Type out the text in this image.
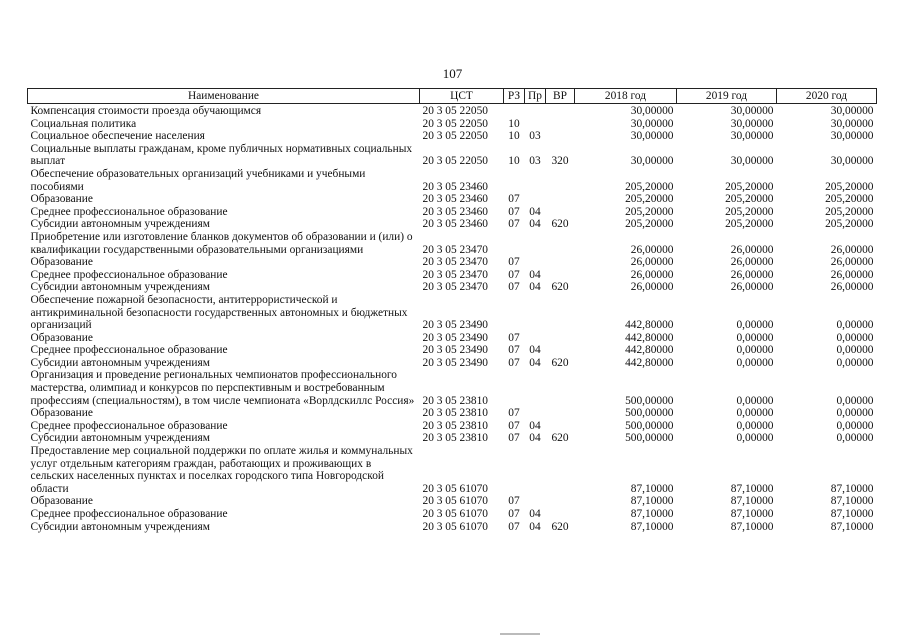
107
Наименование	ЦСТ	РЗ	Пр	ВР	2018 год	2019 год	2020 год
Компенсация стоимости проезда обучающимся	20 3 05 22050				30,00000	30,00000	30,00000
Социальная политика	20 3 05 22050	10			30,00000	30,00000	30,00000
Социальное обеспечение населения	20 3 05 22050	10	03		30,00000	30,00000	30,00000
Социальные выплаты гражданам, кроме публичных нормативных социальных выплат	20 3 05 22050	10	03	320	30,00000	30,00000	30,00000
Обеспечение образовательных организаций учебниками и учебными пособиями	20 3 05 23460				205,20000	205,20000	205,20000
Образование	20 3 05 23460	07			205,20000	205,20000	205,20000
Среднее профессиональное образование	20 3 05 23460	07	04		205,20000	205,20000	205,20000
Субсидии автономным учреждениям	20 3 05 23460	07	04	620	205,20000	205,20000	205,20000
Приобретение или изготовление бланков документов об образовании и (или) о квалификации государственными образовательными организациями	20 3 05 23470				26,00000	26,00000	26,00000
Образование	20 3 05 23470	07			26,00000	26,00000	26,00000
Среднее профессиональное образование	20 3 05 23470	07	04		26,00000	26,00000	26,00000
Субсидии автономным учреждениям	20 3 05 23470	07	04	620	26,00000	26,00000	26,00000
Обеспечение пожарной безопасности, антитеррористической и антикриминальной безопасности государственных автономных и бюджетных организаций	20 3 05 23490				442,80000	0,00000	0,00000
Образование	20 3 05 23490	07			442,80000	0,00000	0,00000
Среднее профессиональное образование	20 3 05 23490	07	04		442,80000	0,00000	0,00000
Субсидии автономным учреждениям	20 3 05 23490	07	04	620	442,80000	0,00000	0,00000
Организация и проведение региональных чемпионатов профессионального мастерства, олимпиад и конкурсов по перспективным и востребованным профессиям (специальностям), в том числе чемпионата «Ворлдскиллс Россия»	20 3 05 23810				500,00000	0,00000	0,00000
Образование	20 3 05 23810	07			500,00000	0,00000	0,00000
Среднее профессиональное образование	20 3 05 23810	07	04		500,00000	0,00000	0,00000
Субсидии автономным учреждениям	20 3 05 23810	07	04	620	500,00000	0,00000	0,00000
Предоставление мер социальной поддержки по оплате жилья и коммунальных услуг отдельным категориям граждан, работающих и проживающих в сельских населенных пунктах и поселках городского типа Новгородской области	20 3 05 61070				87,10000	87,10000	87,10000
Образование	20 3 05 61070	07			87,10000	87,10000	87,10000
Среднее профессиональное образование	20 3 05 61070	07	04		87,10000	87,10000	87,10000
Субсидии автономным учреждениям	20 3 05 61070	07	04	620	87,10000	87,10000	87,10000
